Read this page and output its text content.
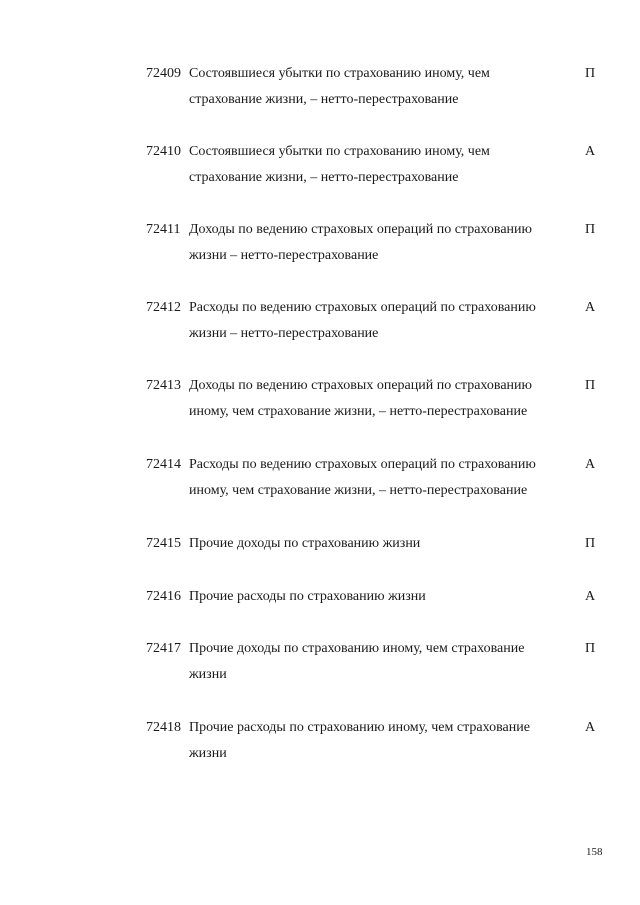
72409 Состоявшиеся убытки по страхованию иному, чем страхование жизни, – нетто-перестрахование
П
72410 Состоявшиеся убытки по страхованию иному, чем страхование жизни, – нетто-перестрахование
А
72411 Доходы по ведению страховых операций по страхованию жизни – нетто-перестрахование
П
72412 Расходы по ведению страховых операций по страхованию жизни – нетто-перестрахование
А
72413 Доходы по ведению страховых операций по страхованию иному, чем страхование жизни, – нетто-перестрахование
П
72414 Расходы по ведению страховых операций по страхованию иному, чем страхование жизни, – нетто-перестрахование
А
72415 Прочие доходы по страхованию жизни	П
72416 Прочие расходы по страхованию жизни	А
72417 Прочие доходы по страхованию иному, чем страхование жизни
П
72418 Прочие расходы по страхованию иному, чем страхование жизни
А
158
